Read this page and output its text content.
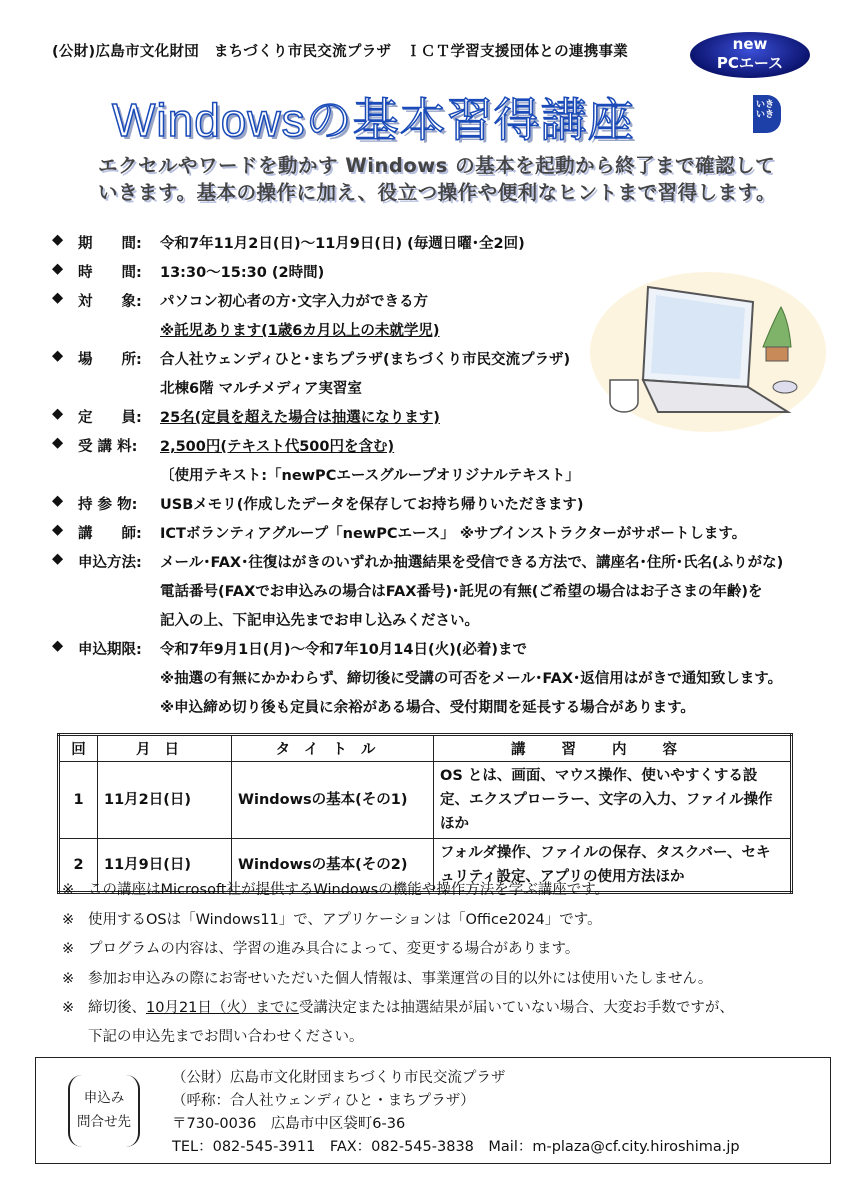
(公財)広島市文化財団　まちづくり市民交流プラザ　ＩＣＴ学習支援団体との連携事業	new
PCエース
Windowsの基本習得講座	いきいき
エクセルやワードを動かす Windows の基本を起動から終了まで確認して
いきます。基本の操作に加え、役立つ操作や便利なヒントまで習得します。
◆	期　　間:	令和7年11月2日(日)～11月9日(日) (毎週日曜･全2回)
◆	時　　間:	13:30～15:30 (2時間)
◆	対　　象:	パソコン初心者の方･文字入力ができる方
※託児あります(1歳6カ月以上の未就学児)
◆	場　　所:	合人社ウェンディひと･まちプラザ(まちづくり市民交流プラザ)
北棟6階 マルチメディア実習室
◆	定　　員:	25名(定員を超えた場合は抽選になります)
◆	受 講 料:	2,500円(テキスト代500円を含む)
〔使用テキスト:「newPCエースグループオリジナルテキスト」
◆	持 参 物:	USBメモリ(作成したデータを保存してお持ち帰りいただきます)
◆	講　　師:	ICTボランティアグループ「newPCエース」 ※サブインストラクターがサポートします。
◆	申込方法:	メール･FAX･往復はがきのいずれか抽選結果を受信できる方法で、講座名･住所･氏名(ふりがな)
電話番号(FAXでお申込みの場合はFAX番号)･託児の有無(ご希望の場合はお子さまの年齢)を
記入の上、下記申込先までお申し込みください。
◆	申込期限:	令和7年9月1日(月)～令和7年10月14日(火)(必着)まで
※抽選の有無にかかわらず、締切後に受講の可否をメール･FAX･返信用はがきで通知致します。
※申込締め切り後も定員に余裕がある場合、受付期間を延長する場合があります。
回	月日	タイトル	講習内容
1	11月2日(日)	Windowsの基本(その1)	OS とは、画面、マウス操作、使いやすくする設定、エクスプローラー、文字の入力、ファイル操作ほか
2	11月9日(日)	Windowsの基本(その2)	フォルダ操作、ファイルの保存、タスクバー、セキュリティ設定、アプリの使用方法ほか
※ この講座はMicrosoft社が提供するWindowsの機能や操作方法を学ぶ講座です。
※ 使用するOSは「Windows11」で、アプリケーションは「Office2024」です。
※ プログラムの内容は、学習の進み具合によって、変更する場合があります。
※ 参加お申込みの際にお寄せいただいた個人情報は、事業運営の目的以外には使用いたしません。
※ 締切後、10月21日（火）までに受講決定または抽選結果が届いていない場合、大変お手数ですが、
下記の申込先までお問い合わせください。
申込み
問合せ先
（公財）広島市文化財団まちづくり市民交流プラザ
（呼称：合人社ウェンディひと・まちプラザ）
〒730-0036　広島市中区袋町6-36
TEL：082-545-3911　FAX：082-545-3838　Mail：m-plaza@cf.city.hiroshima.jp
